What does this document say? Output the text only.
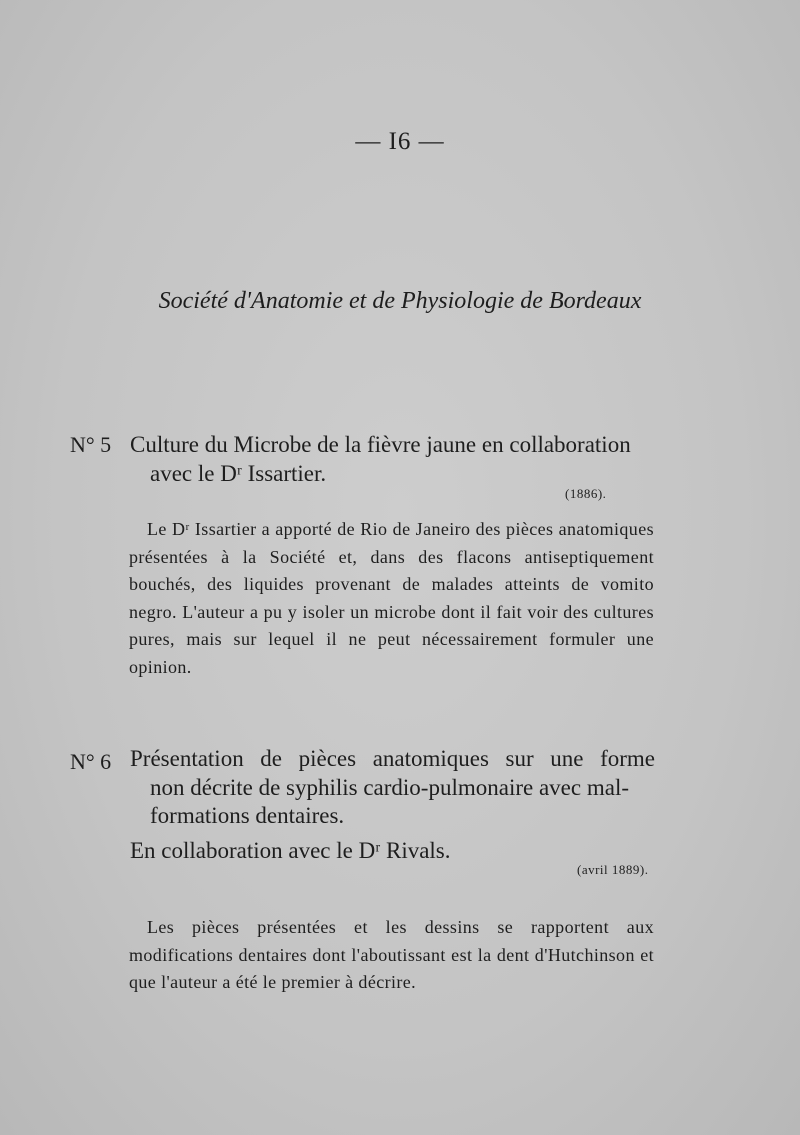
— I6 —
Société d'Anatomie et de Physiologie de Bordeaux
N° 5 Culture du Microbe de la fièvre jaune en collaboration
avec le Dʳ Issartier.
(1886).
Le Dʳ Issartier a apporté de Rio de Janeiro des pièces anatomiques présentées à la Société et, dans des flacons antiseptiquement bouchés, des liquides provenant de malades atteints de vomito negro. L'auteur a pu y isoler un microbe dont il fait voir des cultures pures, mais sur lequel il ne peut nécessairement formuler une opinion.
N° 6 Présentation de pièces anatomiques sur une forme
non décrite de syphilis cardio-pulmonaire avec mal-
formations dentaires.
En collaboration avec le Dʳ Rivals.
(avril 1889).
Les pièces présentées et les dessins se rapportent aux modifications dentaires dont l'aboutissant est la dent d'Hutchinson et que l'auteur a été le premier à décrire.
